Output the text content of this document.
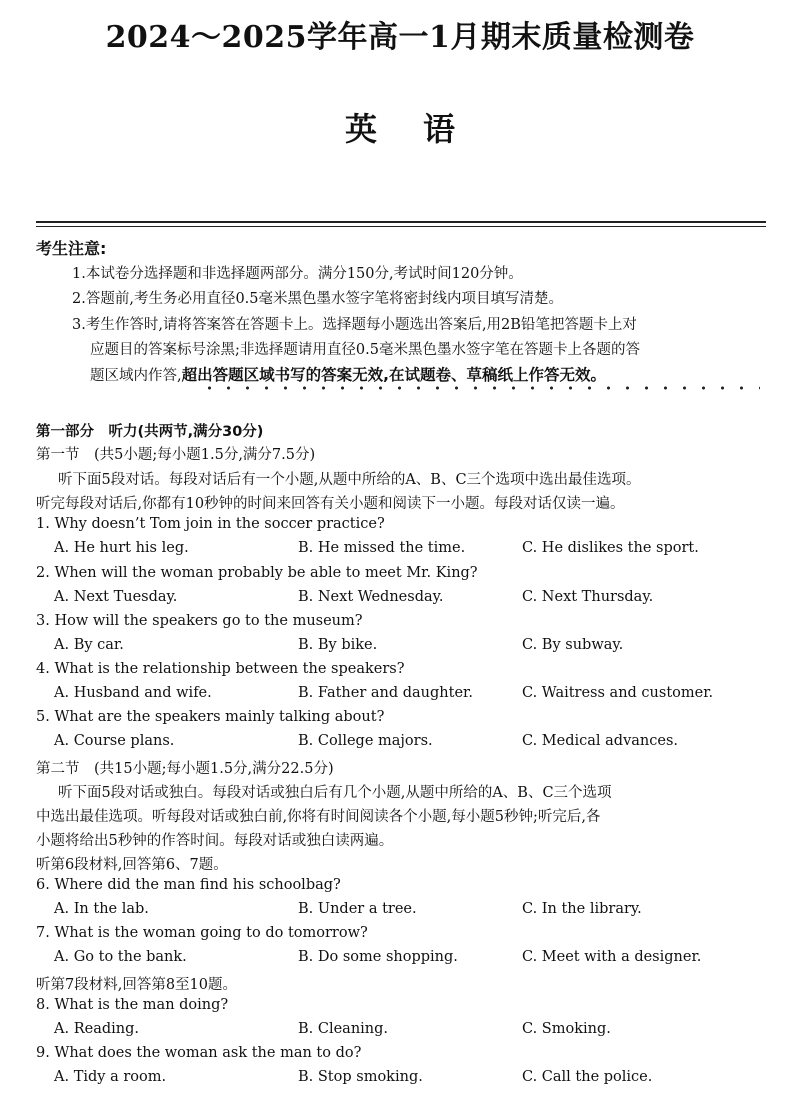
2024～2025学年高一1月期末质量检测卷
英语
考生注意:
1.本试卷分选择题和非选择题两部分。满分150分,考试时间120分钟。
2.答题前,考生务必用直径0.5毫米黑色墨水签字笔将密封线内项目填写清楚。
3.考生作答时,请将答案答在答题卡上。选择题每小题选出答案后,用2B铅笔把答题卡上对
应题目的答案标号涂黑;非选择题请用直径0.5毫米黑色墨水签字笔在答题卡上各题的答
题区域内作答,超出答题区域书写的答案无效,在试题卷、草稿纸上作答无效。
第一部分　听力(共两节,满分30分)
第一节　(共5小题;每小题1.5分,满分7.5分)
听下面5段对话。每段对话后有一个小题,从题中所给的A、B、C三个选项中选出最佳选项。
听完每段对话后,你都有10秒钟的时间来回答有关小题和阅读下一小题。每段对话仅读一遍。
1. Why doesn’t Tom join in the soccer practice?
A. He hurt his leg.	B. He missed the time.	C. He dislikes the sport.
2. When will the woman probably be able to meet Mr. King?
A. Next Tuesday.	B. Next Wednesday.	C. Next Thursday.
3. How will the speakers go to the museum?
A. By car.	B. By bike.	C. By subway.
4. What is the relationship between the speakers?
A. Husband and wife.	B. Father and daughter.	C. Waitress and customer.
5. What are the speakers mainly talking about?
A. Course plans.	B. College majors.	C. Medical advances.
第二节　(共15小题;每小题1.5分,满分22.5分)
听下面5段对话或独白。每段对话或独白后有几个小题,从题中所给的A、B、C三个选项
中选出最佳选项。听每段对话或独白前,你将有时间阅读各个小题,每小题5秒钟;听完后,各
小题将给出5秒钟的作答时间。每段对话或独白读两遍。
听第6段材料,回答第6、7题。
6. Where did the man find his schoolbag?
A. In the lab.	B. Under a tree.	C. In the library.
7. What is the woman going to do tomorrow?
A. Go to the bank.	B. Do some shopping.	C. Meet with a designer.
听第7段材料,回答第8至10题。
8. What is the man doing?
A. Reading.	B. Cleaning.	C. Smoking.
9. What does the woman ask the man to do?
A. Tidy a room.	B. Stop smoking.	C. Call the police.
